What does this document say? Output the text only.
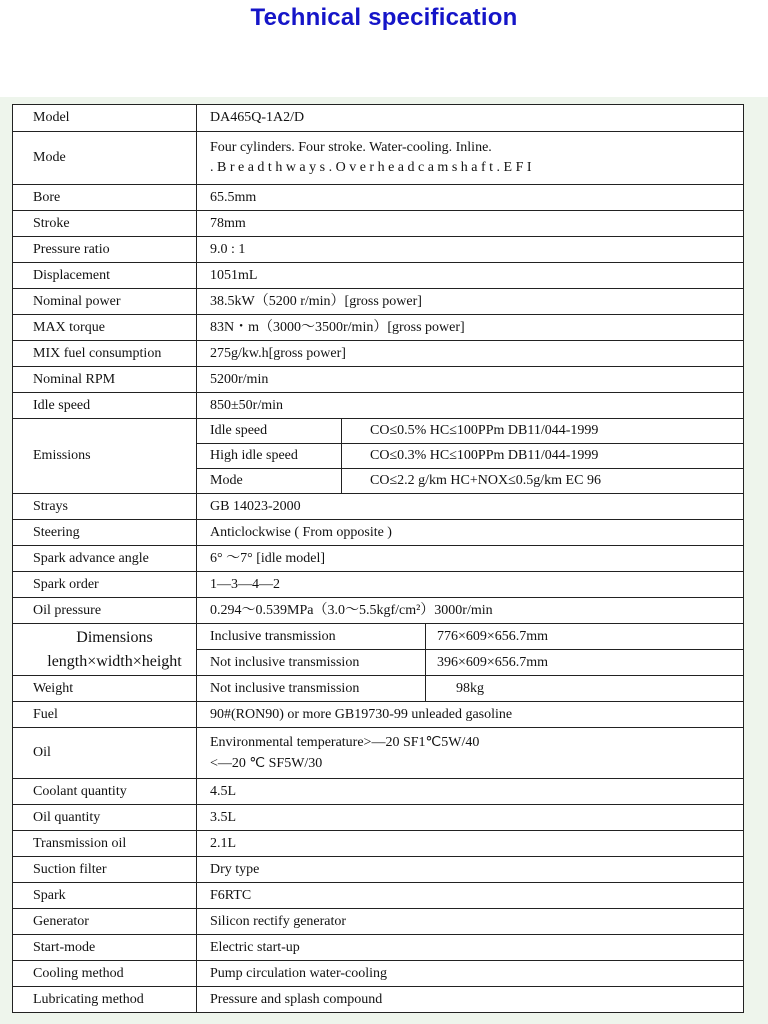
Technical specification
Model	DA465Q-1A2/D		
Mode	Four cylinders. Four stroke. Water-cooling. Inline.
. B r e a d t h w a y s . O v e r h e a d c a m s h a f t . E F I		

Bore	65.5mm		
Stroke	78mm		
Pressure ratio	9.0 : 1		
Displacement	1051mL		
Nominal power	38.5kW（5200 r/min）[gross power]		
MAX torque	83N・m（3000～3500r/min）[gross power]		
MIX fuel consumption	275g/kw.h[gross power]		
Nominal RPM	5200r/min		
Idle speed	850±50r/min		
Emissions	Idle speed	CO≤0.5% HC≤100PPm DB11/044-1999	
	High idle speed	CO≤0.3% HC≤100PPm DB11/044-1999	
	Mode	CO≤2.2 g/km HC+NOX≤0.5g/km EC 96	
Strays	GB 14023-2000		
Steering	Anticlockwise ( From opposite )		
Spark advance angle	6° ～7° [idle model]		
Spark order	1—3—4—2		
Oil pressure	0.294～0.539MPa（3.0～5.5kgf/cm²）3000r/min		

Dimensions
length×width×height	Inclusive transmission		776×609×656.7mm
	Not inclusive transmission		396×609×656.7mm
Weight	Not inclusive transmission		98kg
Fuel	90#(RON90) or more GB19730-99 unleaded gasoline		
Oil	Environmental temperature>—20 SF1℃5W/40
<—20 ℃ SF5W/30		

Coolant quantity	4.5L		
Oil quantity	3.5L		
Transmission oil	2.1L		
Suction filter	Dry type		
Spark	F6RTC		
Generator	Silicon rectify generator		
Start-mode	Electric start-up		
Cooling method	Pump circulation water-cooling		
Lubricating method	Pressure and splash compound		
